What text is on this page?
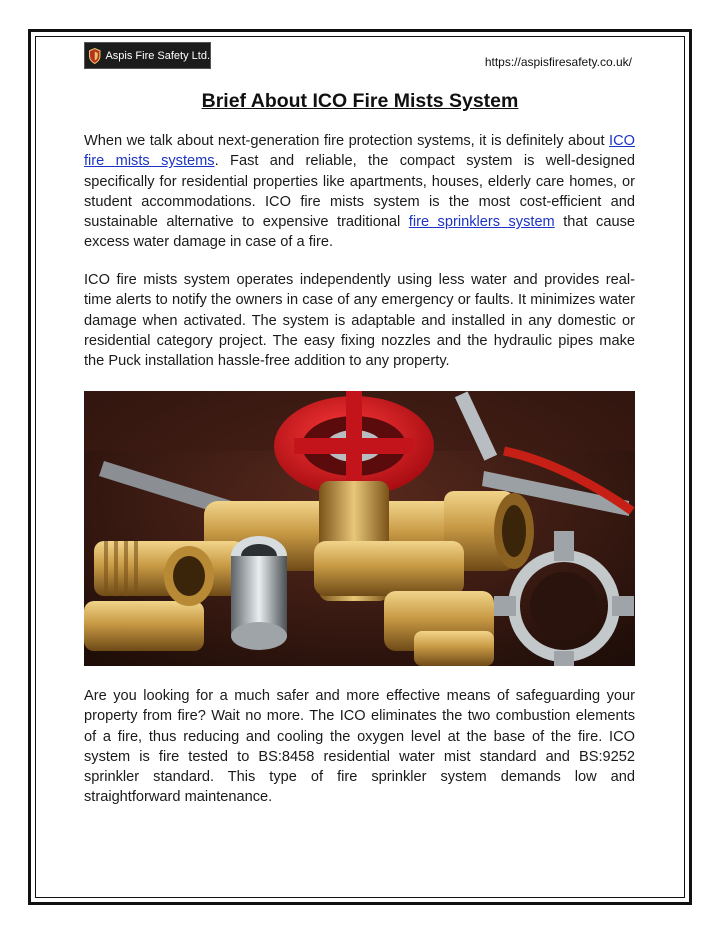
Aspis Fire Safety Ltd.	https://aspisfiresafety.co.uk/
Brief About ICO Fire Mists System

When we talk about next-generation fire protection systems, it is definitely about ICO fire mists systems. Fast and reliable, the compact system is well-designed specifically for residential properties like apartments, houses, elderly care homes, or student accommodations. ICO fire mists system is the most cost-efficient and sustainable alternative to expensive traditional fire sprinklers system that cause excess water damage in case of a fire.

ICO fire mists system operates independently using less water and provides real-time alerts to notify the owners in case of any emergency or faults. It minimizes water damage when activated. The system is adaptable and installed in any domestic or residential category project. The easy fixing nozzles and the hydraulic pipes make the Puck installation hassle-free addition to any property.

Are you looking for a much safer and more effective means of safeguarding your property from fire? Wait no more. The ICO eliminates the two combustion elements of a fire, thus reducing and cooling the oxygen level at the base of the fire. ICO system is fire tested to BS:8458 residential water mist standard and BS:9252 sprinkler standard. This type of fire sprinkler system demands low and straightforward maintenance.
